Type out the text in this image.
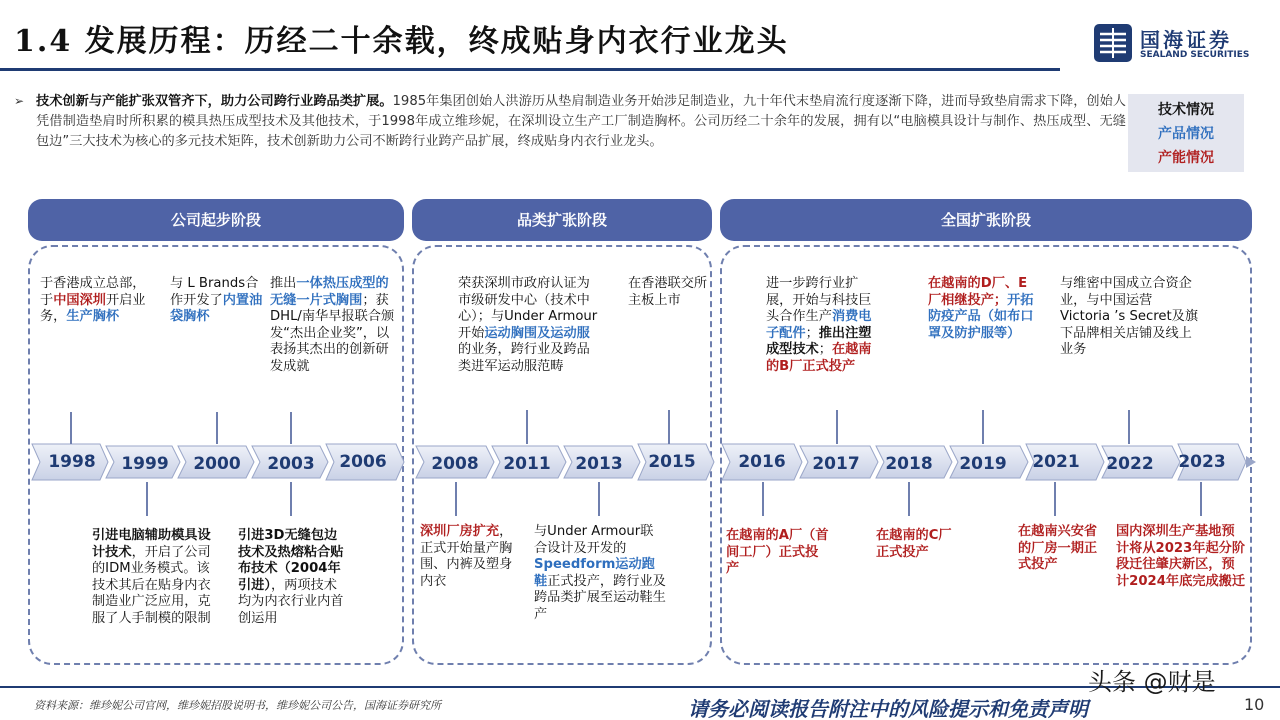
1.4 发展历程：历经二十余载，终成贴身内衣行业龙头	国海证券
SEALAND SECURITIES
➢ 技术创新与产能扩张双管齐下，助力公司跨行业跨品类扩展。1985年集团创始人洪游历从垫肩制造业务开始涉足制造业，九十年代末垫肩流行度逐渐下降，进而导致垫肩需求下降，创始人凭借制造垫肩时所积累的模具热压成型技术及其他技术，于1998年成立维珍妮，在深圳设立生产工厂制造胸杯。公司历经二十余年的发展，拥有以“电脑模具设计与制作、热压成型、无缝包边”三大技术为核心的多元技术矩阵，技术创新助力公司不断跨行业跨产品扩展，终成贴身内衣行业龙头。
技术情况
产品情况
产能情况
公司起步阶段	品类扩张阶段	全国扩张阶段
1998	1999	2000	2003	2006	2008	2011	2013	2015	2016	2017	2018	2019	2021	2022	2023
于香港成立总部，于中国深圳开启业务，生产胸杯
与 L Brands合作开发了内置油袋胸杯
推出一体热压成型的无缝一片式胸围；获DHL/南华早报联合颁发“杰出企业奖”，以表扬其杰出的创新研发成就
荣获深圳市政府认证为市级研发中心（技术中心）；与Under Armour开始运动胸围及运动服的业务，跨行业及跨品类进军运动服范畴
在香港联交所主板上市
进一步跨行业扩展，开始与科技巨头合作生产消费电子配件；推出注塑成型技术；在越南的B厂正式投产
在越南的D厂、E厂相继投产；开拓防疫产品（如布口罩及防护服等）
与维密中国成立合资企业，与中国运营Victoria ’s Secret及旗下品牌相关店铺及线上业务
引进电脑辅助模具设计技术，开启了公司的IDM业务模式。该技术其后在贴身内衣制造业广泛应用，克服了人手制模的限制
引进3D无缝包边技术及热熔粘合贴布技术（2004年引进），两项技术均为内衣行业内首创运用
深圳厂房扩充，正式开始量产胸围、内裤及塑身内衣
与Under Armour联合设计及开发的Speedform运动跑鞋正式投产，跨行业及跨品类扩展至运动鞋生产
在越南的A厂（首间工厂）正式投产
在越南的C厂正式投产
在越南兴安省的厂房一期正式投产
国内深圳生产基地预计将从2023年起分阶段迁往肇庆新区，预计2024年底完成搬迁
资料来源：维珍妮公司官网，维珍妮招股说明书，维珍妮公司公告，国海证券研究所
头条 @财是
请务必阅读报告附注中的风险提示和免责声明	10
